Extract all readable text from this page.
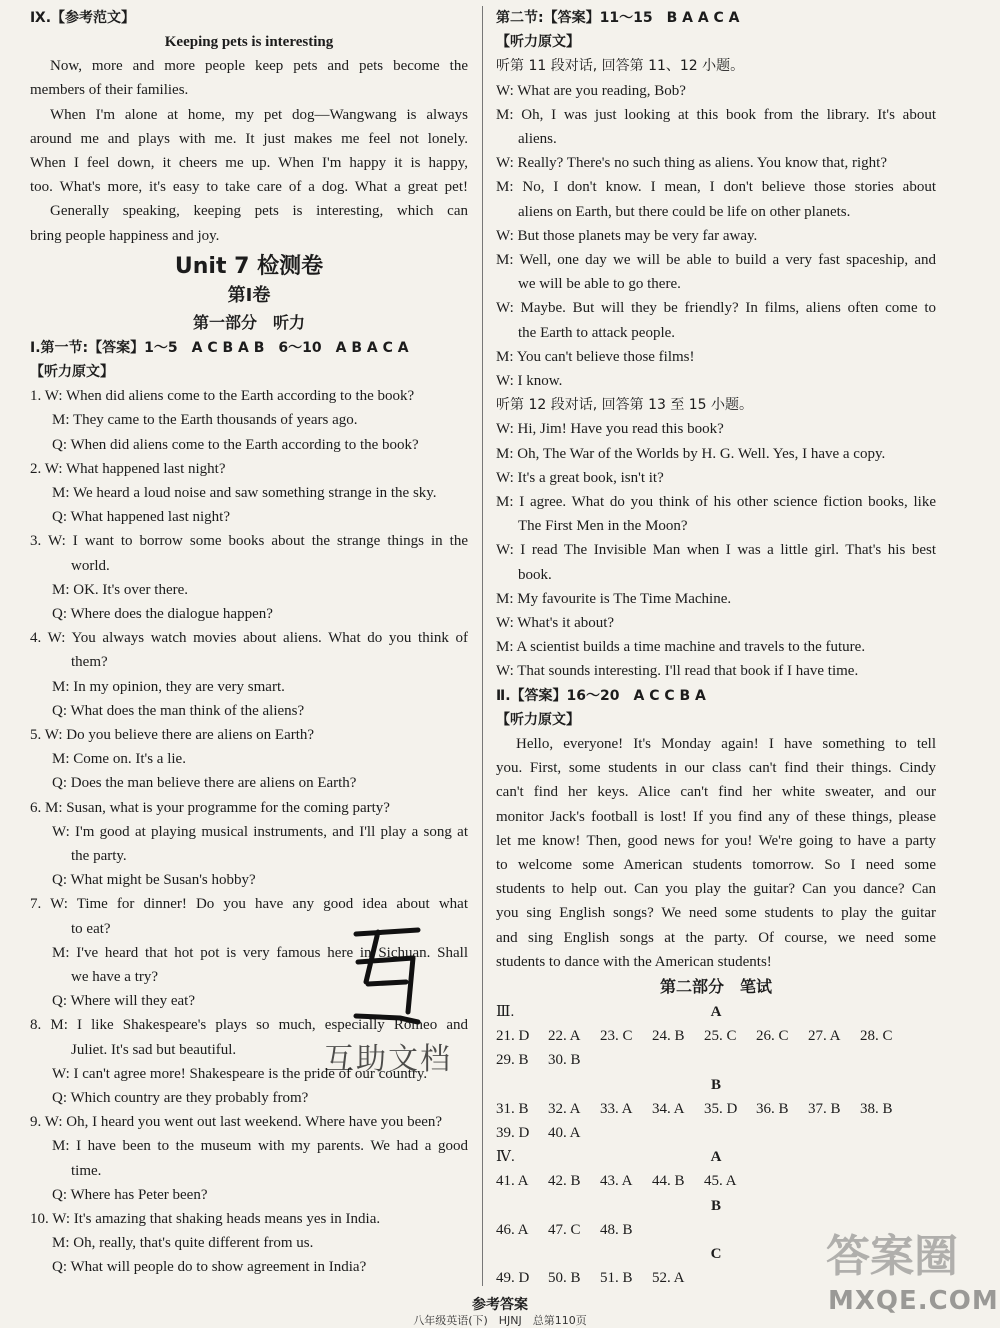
Ⅸ.【参考范文】
Keeping pets is interesting
Now, more and more people keep pets and pets become the
members of their families.
When I'm alone at home, my pet dog—Wangwang is always
around me and plays with me. It just makes me feel not lonely.
When I feel down, it cheers me up. When I'm happy it is happy,
too. What's more, it's easy to take care of a dog. What a great pet!
Generally speaking, keeping pets is interesting, which can
bring people happiness and joy.
Unit 7 检测卷
第Ⅰ卷
第一部分　听力
Ⅰ.第一节:【答案】1～5　A C B A B　6～10　A B A C A
【听力原文】
1. W: When did aliens come to the Earth according to the book?
M: They came to the Earth thousands of years ago.
Q: When did aliens come to the Earth according to the book?
2. W: What happened last night?
M: We heard a loud noise and saw something strange in the sky.
Q: What happened last night?
3. W: I want to borrow some books about the strange things in the
world.
M: OK. It's over there.
Q: Where does the dialogue happen?
4. W: You always watch movies about aliens. What do you think of
them?
M: In my opinion, they are very smart.
Q: What does the man think of the aliens?
5. W: Do you believe there are aliens on Earth?
M: Come on. It's a lie.
Q: Does the man believe there are aliens on Earth?
6. M: Susan, what is your programme for the coming party?
W: I'm good at playing musical instruments, and I'll play a song at
the party.
Q: What might be Susan's hobby?
7. W: Time for dinner! Do you have any good idea about what
to eat?
M: I've heard that hot pot is very famous here in Sichuan. Shall
we have a try?
Q: Where will they eat?
8. M: I like Shakespeare's plays so much, especially Romeo and
Juliet. It's sad but beautiful.
W: I can't agree more! Shakespeare is the pride of our country.
Q: Which country are they probably from?
9. W: Oh, I heard you went out last weekend. Where have you been?
M: I have been to the museum with my parents. We had a good
time.
Q: Where has Peter been?
10. W: It's amazing that shaking heads means yes in India.
M: Oh, really, that's quite different from us.
Q: What will people do to show agreement in India?
第二节:【答案】11～15　B A A C A
【听力原文】
听第 11 段对话, 回答第 11、12 小题。
W: What are you reading, Bob?
M: Oh, I was just looking at this book from the library. It's about
aliens.
W: Really? There's no such thing as aliens. You know that, right?
M: No, I don't know. I mean, I don't believe those stories about
aliens on Earth, but there could be life on other planets.
W: But those planets may be very far away.
M: Well, one day we will be able to build a very fast spaceship, and
we will be able to go there.
W: Maybe. But will they be friendly? In films, aliens often come to
the Earth to attack people.
M: You can't believe those films!
W: I know.
听第 12 段对话, 回答第 13 至 15 小题。
W: Hi, Jim! Have you read this book?
M: Oh, The War of the Worlds by H. G. Well. Yes, I have a copy.
W: It's a great book, isn't it?
M: I agree. What do you think of his other science fiction books, like
The First Men in the Moon?
W: I read The Invisible Man when I was a little girl. That's his best
book.
M: My favourite is The Time Machine.
W: What's it about?
M: A scientist builds a time machine and travels to the future.
W: That sounds interesting. I'll read that book if I have time.
Ⅱ.【答案】16～20　A C C B A
【听力原文】
Hello, everyone! It's Monday again! I have something to tell
you. First, some students in our class can't find their things. Cindy
can't find her keys. Alice can't find her white sweater, and our
monitor Jack's football is lost! If you find any of these things, please
let me know! Then, good news for you! We're going to have a party
to welcome some American students tomorrow. So I need some
students to help out. Can you play the guitar? Can you dance? Can
you sing English songs? We need some students to play the guitar
and sing English songs at the party. Of course, we need some
students to dance with the American students!
第二部分　笔试
Ⅲ.	A
21. D 22. A 23. C 24. B 25. C 26. C 27. A 28. C
29. B 30. B
B
31. B 32. A 33. A 34. A 35. D 36. B 37. B 38. B
39. D 40. A
Ⅳ.	A
41. A 42. B 43. A 44. B 45. A
B
46. A 47. C 48. B
C
49. D 50. B 51. B 52. A
互助文档
答案圈
MXQE.COM
参考答案
八年级英语(下)　HJNJ　总第110页
